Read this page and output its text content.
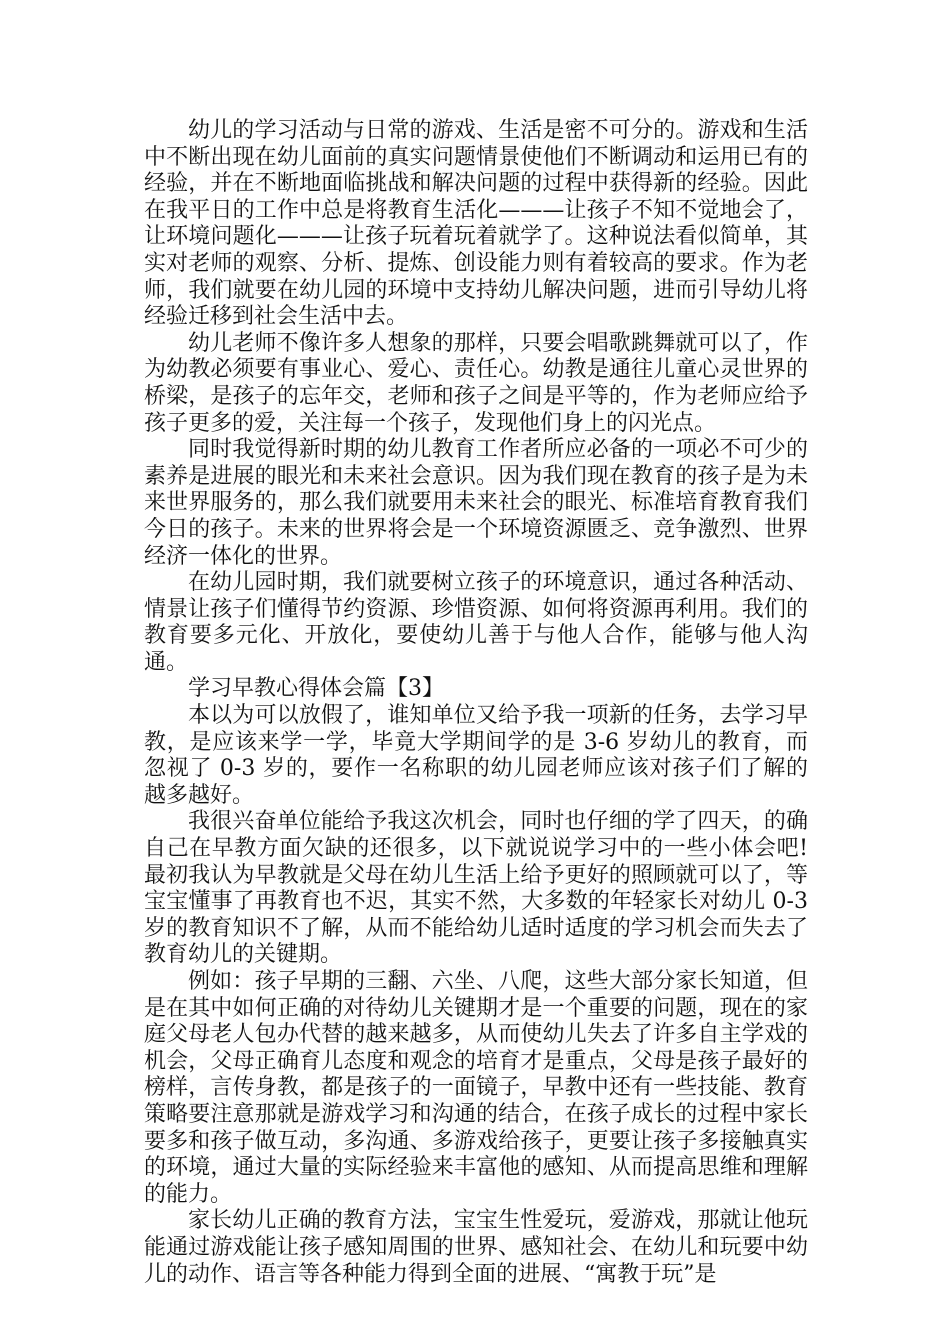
幼儿的学习活动与日常的游戏、生活是密不可分的。游戏和生活中不断出现在幼儿面前的真实问题情景使他们不断调动和运用已有的经验，并在不断地面临挑战和解决问题的过程中获得新的经验。因此在我平日的工作中总是将教育生活化———让孩子不知不觉地会了，让环境问题化———让孩子玩着玩着就学了。这种说法看似简单，其实对老师的观察、分析、提炼、创设能力则有着较高的要求。作为老师，我们就要在幼儿园的环境中支持幼儿解决问题，进而引导幼儿将经验迁移到社会生活中去。

幼儿老师不像许多人想象的那样，只要会唱歌跳舞就可以了，作为幼教必须要有事业心、爱心、责任心。幼教是通往儿童心灵世界的桥梁，是孩子的忘年交，老师和孩子之间是平等的，作为老师应给予孩子更多的爱，关注每一个孩子，发现他们身上的闪光点。

同时我觉得新时期的幼儿教育工作者所应必备的一项必不可少的素养是进展的眼光和未来社会意识。因为我们现在教育的孩子是为未来世界服务的，那么我们就要用未来社会的眼光、标准培育教育我们今日的孩子。未来的世界将会是一个环境资源匮乏、竞争激烈、世界经济一体化的世界。

在幼儿园时期，我们就要树立孩子的环境意识，通过各种活动、情景让孩子们懂得节约资源、珍惜资源、如何将资源再利用。我们的教育要多元化、开放化，要使幼儿善于与他人合作，能够与他人沟通。

学习早教心得体会篇【3】

本以为可以放假了，谁知单位又给予我一项新的任务，去学习早教，是应该来学一学，毕竟大学期间学的是 3-6 岁幼儿的教育，而忽视了 0-3 岁的，要作一名称职的幼儿园老师应该对孩子们了解的越多越好。

我很兴奋单位能给予我这次机会，同时也仔细的学了四天，的确自己在早教方面欠缺的还很多，以下就说说学习中的一些小体会吧!最初我认为早教就是父母在幼儿生活上给予更好的照顾就可以了，等宝宝懂事了再教育也不迟，其实不然，大多数的年轻家长对幼儿 0-3 岁的教育知识不了解，从而不能给幼儿适时适度的学习机会而失去了教育幼儿的关键期。

例如：孩子早期的三翻、六坐、八爬，这些大部分家长知道，但是在其中如何正确的对待幼儿关键期才是一个重要的问题，现在的家庭父母老人包办代替的越来越多，从而使幼儿失去了许多自主学戏的机会，父母正确育儿态度和观念的培育才是重点，父母是孩子最好的榜样，言传身教，都是孩子的一面镜子，早教中还有一些技能、教育策略要注意那就是游戏学习和沟通的结合，在孩子成长的过程中家长要多和孩子做互动，多沟通、多游戏给孩子，更要让孩子多接触真实的环境，通过大量的实际经验来丰富他的感知、从而提高思维和理解的能力。

家长幼儿正确的教育方法，宝宝生性爱玩，爱游戏，那就让他玩能通过游戏能让孩子感知周围的世界、感知社会、在幼儿和玩要中幼儿的动作、语言等各种能力得到全面的进展、“寓教于玩”是
